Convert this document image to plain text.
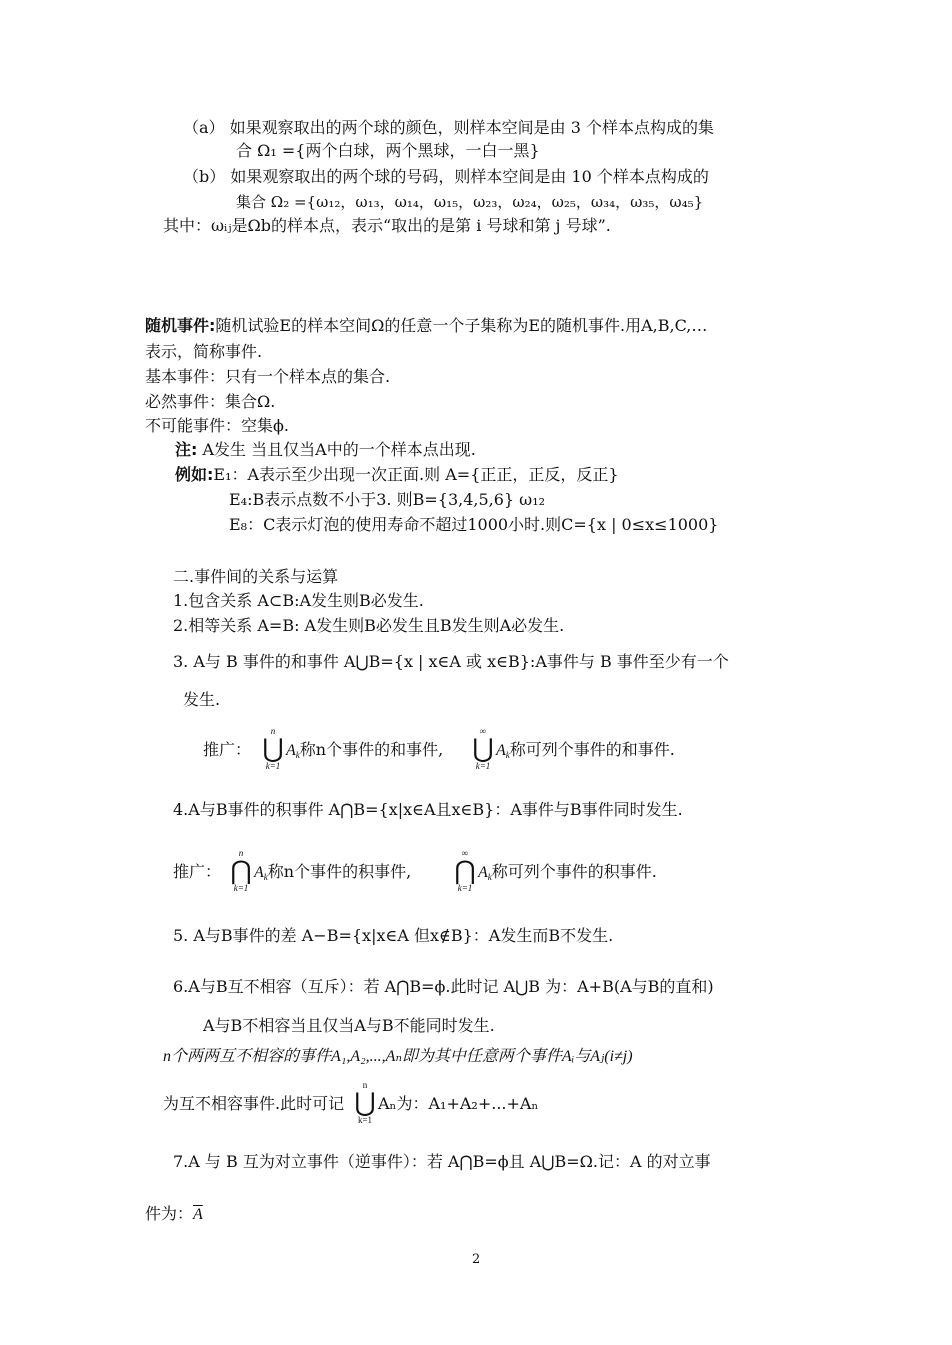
（a） 如果观察取出的两个球的颜色，则样本空间是由 3 个样本点构成的集
合 Ω₁ ={两个白球，两个黑球，一白一黑}
（b） 如果观察取出的两个球的号码，则样本空间是由 10 个样本点构成的
集合 Ω₂ ={ω₁₂，ω₁₃，ω₁₄，ω₁₅，ω₂₃，ω₂₄，ω₂₅，ω₃₄，ω₃₅，ω₄₅}
其中：ωᵢⱼ是Ωb的样本点，表示“取出的是第 i 号球和第 j 号球”.
随机事件:随机试验E的样本空间Ω的任意一个子集称为E的随机事件.用A,B,C,…
表示，简称事件.
基本事件：只有一个样本点的集合.
必然事件：集合Ω.
不可能事件：空集ϕ.
注: A发生 当且仅当A中的一个样本点出现.
例如:E₁：A表示至少出现一次正面.则 A={正正，正反，反正}
E₄:B表示点数不小于3. 则B={3,4,5,6} ω₁₂
E₈：C表示灯泡的使用寿命不超过1000小时.则C={x | 0≤x≤1000}
二.事件间的关系与运算
1.包含关系 A⊂B:A发生则B必发生.
2.相等关系 A=B: A发生则B必发生且B发生则A必发生.
3. A与 B 事件的和事件 A⋃B={x | x∈A 或 x∈B}:A事件与 B 事件至少有一个
发生.
推广：
n
⋃
k=1
$A_k$称n个事件的和事件,
∞
⋃
k=1
$A_k$称可列个事件的和事件.
4.A与B事件的积事件 A⋂B={x|x∈A且x∈B}：A事件与B事件同时发生.
推广：
n
⋂
k=1
$A_k$称n个事件的积事件,
∞
⋂
k=1
$A_k$称可列个事件的积事件.
5. A与B事件的差 A−B={x|x∈A 但x∉B}：A发生而B不发生.
6.A与B互不相容（互斥）：若 A⋂B=ϕ.此时记 A⋃B 为：A+B(A与B的直和)
A与B不相容当且仅当A与B不能同时发生.
n个两两互不相容的事件A₁,A₂,...,Aₙ即为其中任意两个事件Aᵢ与Aⱼ(i≠j)
为互不相容事件.此时可记
n
⋃
k=1
Aₙ为：A₁+A₂+...+Aₙ
7.A 与 B 互为对立事件（逆事件）：若 A⋂B=ϕ且 A⋃B=Ω.记：A 的对立事
件为：$\overline{A}$
2
